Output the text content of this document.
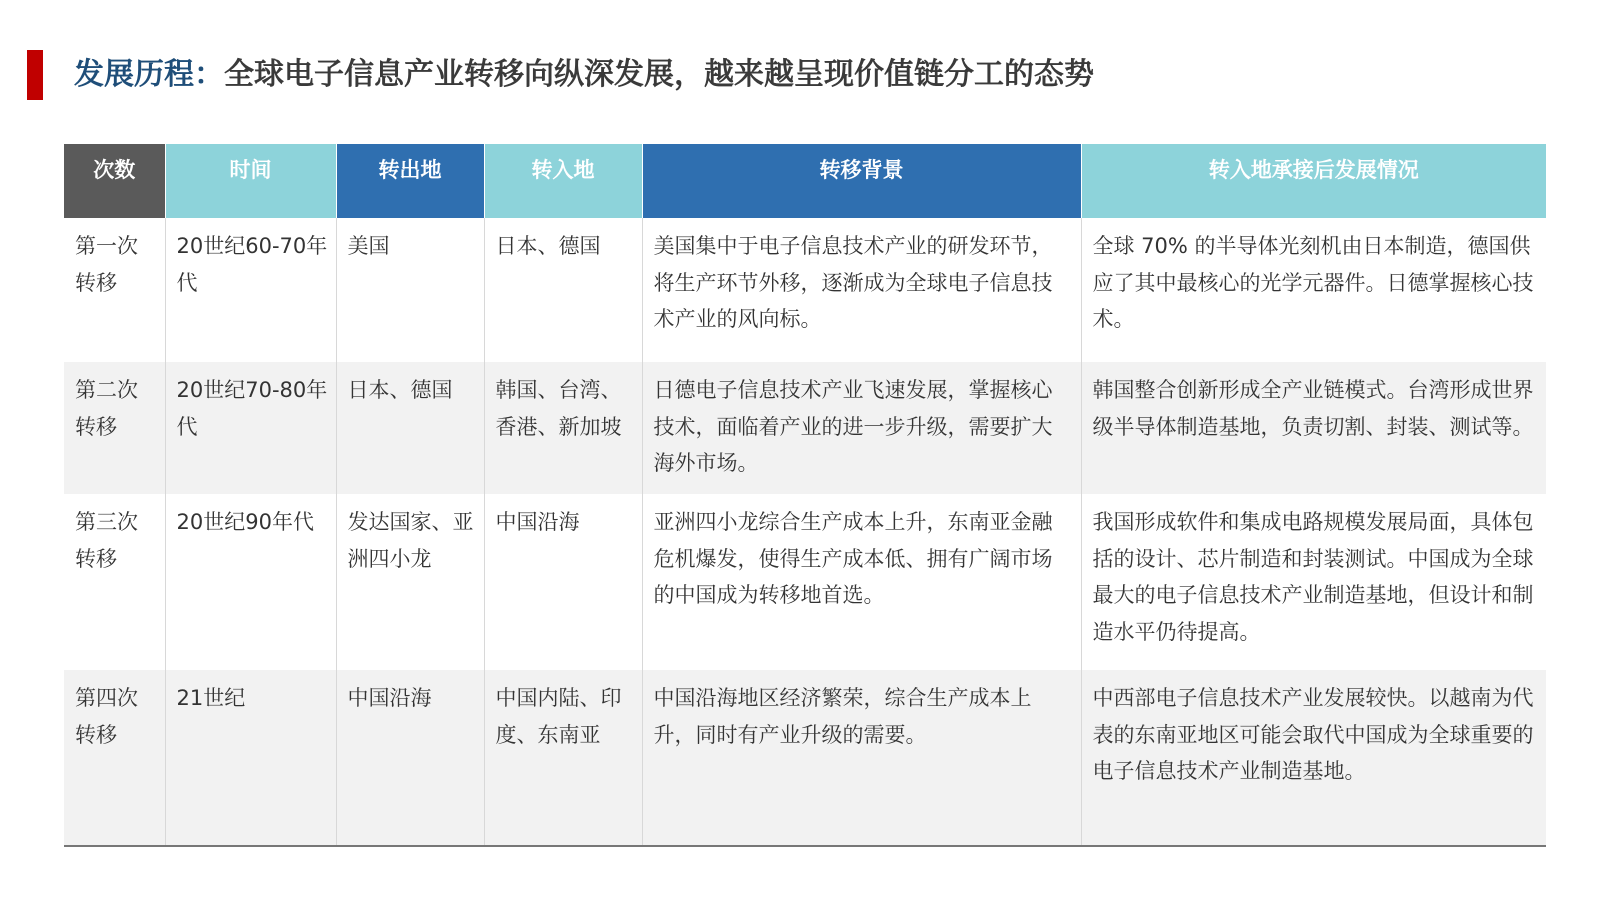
发展历程：全球电子信息产业转移向纵深发展，越来越呈现价值链分工的态势
次数	时间	转出地	转入地	转移背景	转入地承接后发展情况
第一次转移	20世纪60-70年代	美国	日本、德国	美国集中于电子信息技术产业的研发环节，将生产环节外移，逐渐成为全球电子信息技术产业的风向标。	全球 70% 的半导体光刻机由日本制造，德国供应了其中最核心的光学元器件。日德掌握核心技术。
第二次转移	20世纪70-80年代	日本、德国	韩国、台湾、香港、新加坡	日德电子信息技术产业飞速发展，掌握核心技术，面临着产业的进一步升级，需要扩大海外市场。	韩国整合创新形成全产业链模式。台湾形成世界级半导体制造基地，负责切割、封装、测试等。
第三次转移	20世纪90年代	发达国家、亚洲四小龙	中国沿海	亚洲四小龙综合生产成本上升，东南亚金融危机爆发，使得生产成本低、拥有广阔市场的中国成为转移地首选。	我国形成软件和集成电路规模发展局面，具体包括的设计、芯片制造和封装测试。中国成为全球最大的电子信息技术产业制造基地，但设计和制造水平仍待提高。
第四次转移	21世纪	中国沿海	中国内陆、印度、东南亚	中国沿海地区经济繁荣，综合生产成本上升，同时有产业升级的需要。	中西部电子信息技术产业发展较快。以越南为代表的东南亚地区可能会取代中国成为全球重要的电子信息技术产业制造基地。
